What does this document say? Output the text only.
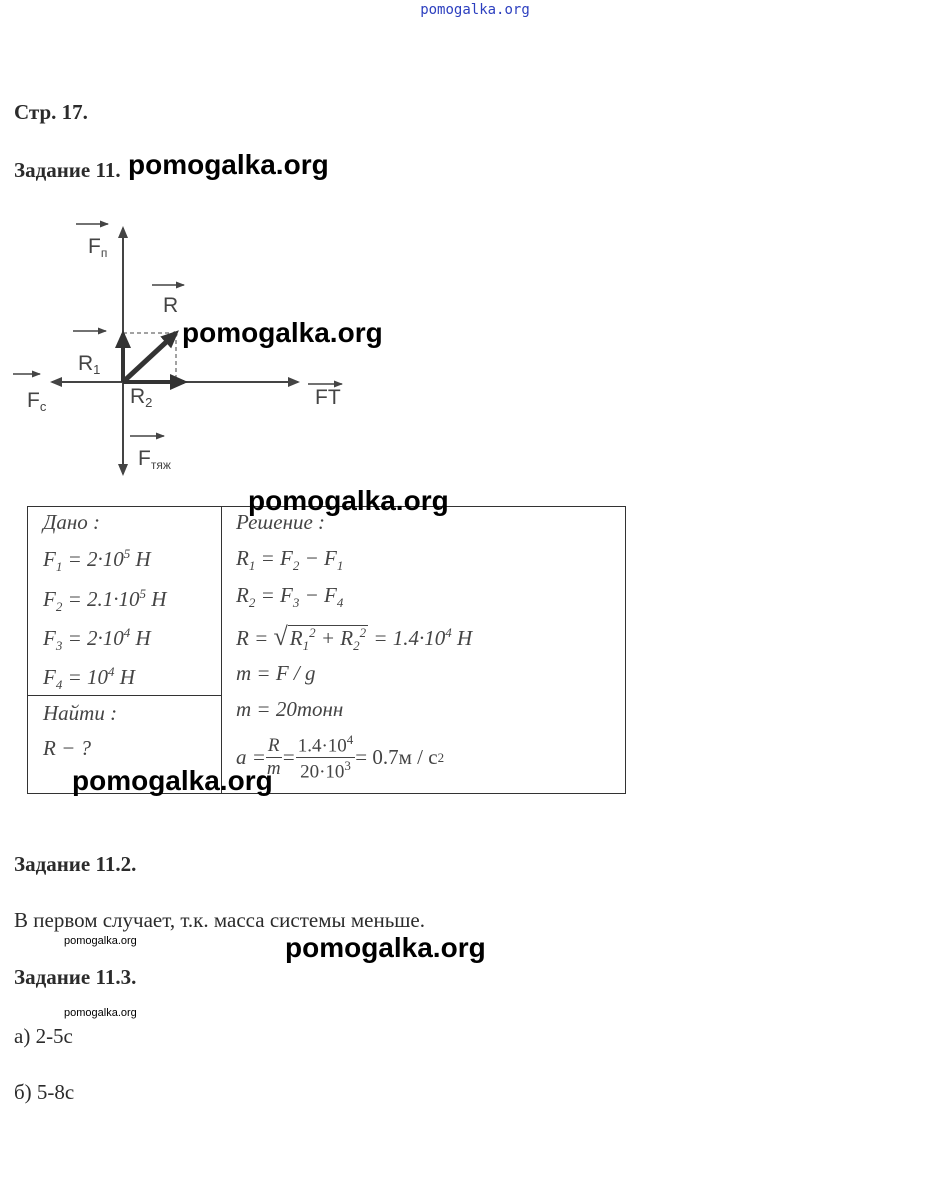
pomogalka.org
Стр. 17.
Задание 11.
Fп
R
R1
Fc	R2	FT
Fтяж
Дано :
$F_1 = 2\cdot 10^5$ H
$F_2 = 2.1\cdot 10^5$ H
$F_3 = 2\cdot 10^4$ H
$F_4 = 10^4$ H
Найти :
R − ?
Решение :
$R_1 = F_2 - F_1$
$R_2 = F_3 - F_4$
$R = √R_1^2 + R_2^2 = 1.4\cdot 10^4$ H
m = F / g
m = 20тонн
$a = \frac{R}{m} = \frac{1.4\cdot 10^4}{20\cdot 10^3} = 0.7м / с$ 2
Задание 11.2.
В первом случает, т.к. масса системы меньше.
Задание 11.3.
а) 2-5с
б) 5-8с
pomogalka.org
pomogalka.org
pomogalka.org
pomogalka.org
pomogalka.org
pomogalka.org
pomogalka.org
